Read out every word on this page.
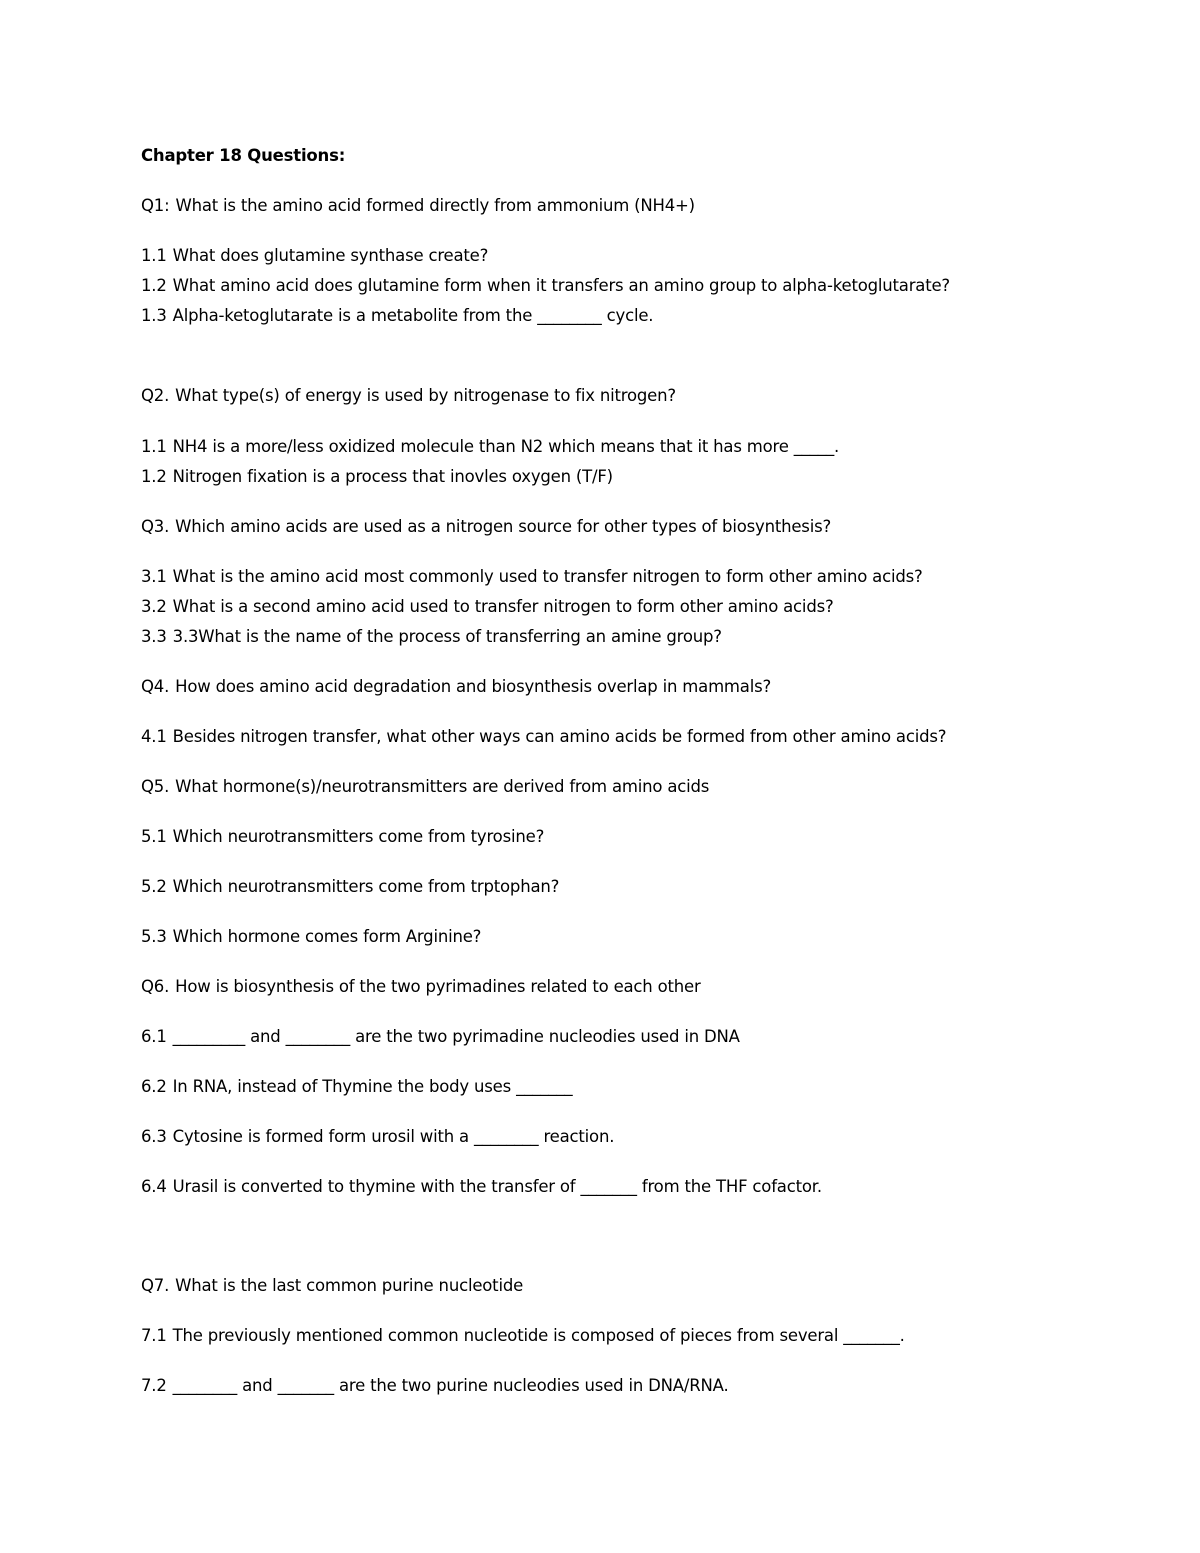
Chapter 18 Questions:
Q1: What is the amino acid formed directly from ammonium (NH4+)
1.1 What does glutamine synthase create?
1.2 What amino acid does glutamine form when it transfers an amino group to alpha-ketoglutarate?
1.3 Alpha-ketoglutarate is a metabolite from the ________ cycle.
Q2. What type(s) of energy is used by nitrogenase to fix nitrogen?
1.1 NH4 is a more/less oxidized molecule than N2 which means that it has more _____.
1.2 Nitrogen fixation is a process that inovles oxygen (T/F)
Q3. Which amino acids are used as a nitrogen source for other types of biosynthesis?
3.1 What is the amino acid most commonly used to transfer nitrogen to form other amino acids?
3.2 What is a second amino acid used to transfer nitrogen to form other amino acids?
3.3 3.3What is the name of the process of transferring an amine group?
Q4. How does amino acid degradation and biosynthesis overlap in mammals?
4.1 Besides nitrogen transfer, what other ways can amino acids be formed from other amino acids?
Q5. What hormone(s)/neurotransmitters are derived from amino acids
5.1 Which neurotransmitters come from tyrosine?
5.2 Which neurotransmitters come from trptophan?
5.3 Which hormone comes form Arginine?
Q6. How is biosynthesis of the two pyrimadines related to each other
6.1 _________ and ________ are the two pyrimadine nucleodies used in DNA
6.2 In RNA, instead of Thymine the body uses _______
6.3 Cytosine is formed form urosil with a ________ reaction.
6.4 Urasil is converted to thymine with the transfer of _______ from the THF cofactor.
Q7. What is the last common purine nucleotide
7.1 The previously mentioned common nucleotide is composed of pieces from several _______.
7.2 ________ and _______ are the two purine nucleodies used in DNA/RNA.
